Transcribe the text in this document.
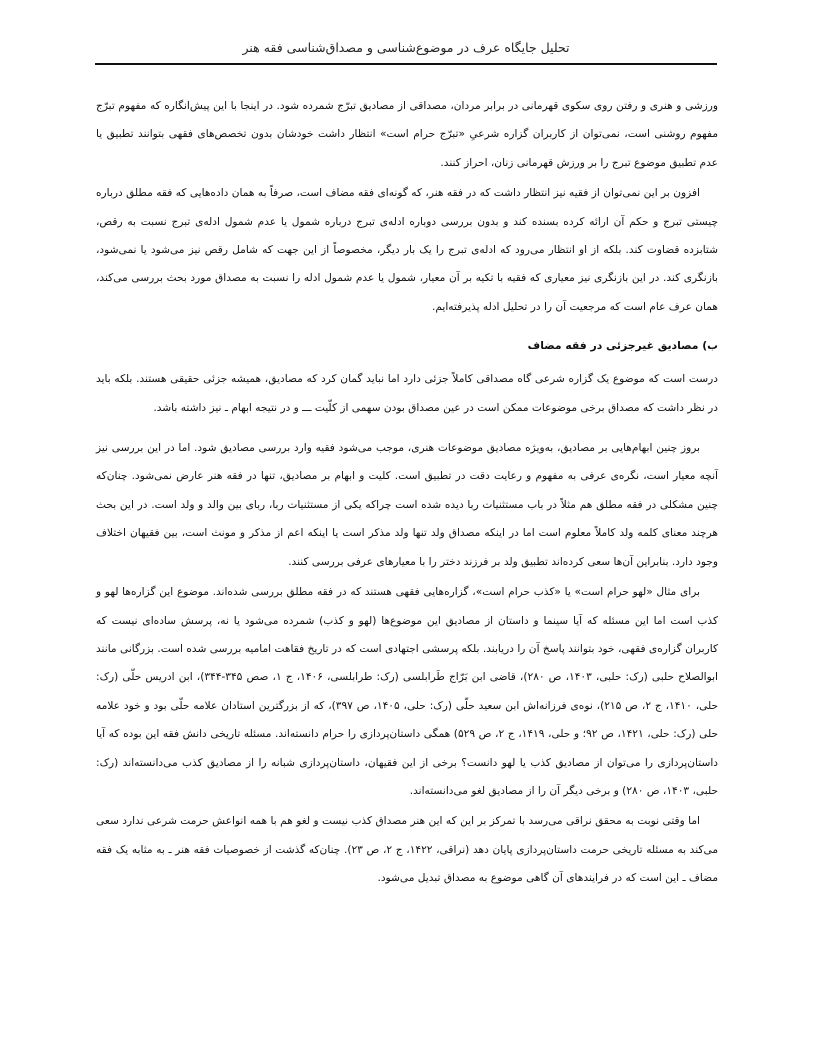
تحلیل جایگاه عرف در موضوع‌شناسی و مصداق‌شناسی فقه هنر

ورزشی و هنری و رفتن روی سکوی قهرمانی در برابر مردان، مصداقی از مصادیق تبرّج شمرده شود. در اینجا با این پیش‌انگاره که مفهوم تبرّج مفهوم روشنی است، نمی‌توان از کاربران گزاره شرعیِ «تبرّج حرام است» انتظار داشت خودشان بدون تخصص‌های فقهی بتوانند تطبیق یا عدم تطبیق موضوع تبرج را بر ورزش قهرمانی زنان، احراز کنند.

افزون بر این نمی‌توان از فقیه نیز انتظار داشت که در فقه هنر، که گونه‌ای فقه مضاف است، صرفاً به همان داده‌هایی که فقه مطلق درباره چیستی تبرج و حکم آن ارائه کرده بسنده کند و بدون بررسی دوباره ادله‌ی تبرج درباره شمول یا عدم شمول ادله‌ی تبرج نسبت به رقص، شتابزده قضاوت کند. بلکه از او انتظار می‌رود که ادله‌ی تبرج را یک بار دیگر، مخصوصاً از این جهت که شامل رقص نیز می‌شود یا نمی‌شود، بازنگری کند. در این بازنگری نیز معیاری که فقیه با تکیه بر آن معیار، شمول یا عدم شمول ادله را نسبت به مصداق مورد بحث بررسی می‌کند، همان عرف عام است که مرجعیت آن را در تحلیل ادله پذیرفته‌ایم.

ب) مصادیق غیرجزئی در فقه مضاف

درست است که موضوع یک گزاره شرعی گاه مصداقی کاملاً جزئی دارد اما نباید گمان کرد که مصادیق، همیشه جزئی حقیقی هستند. بلکه باید در نظر داشت که مصداق برخی موضوعات ممکن است در عین مصداق بودن سهمی از کلّیت ـــ و در نتیجه ابهام ـ نیز داشته باشد.

بروز چنین ابهام‌هایی بر مصادیق، به‌ویژه مصادیق موضوعات هنری، موجب می‌شود فقیه وارد بررسی مصادیق شود. اما در این بررسی نیز آنچه معیار است، نگره‌ی عرفی به مفهوم و رعایت دقت در تطبیق است. کلیت و ابهام بر مصادیق، تنها در فقه هنر عارض نمی‌شود. چنان‌که چنین مشکلی در فقه مطلق هم مثلاً در باب مستثنیات ربا دیده شده است چراکه یکی از مستثنیات ربا، ربای بین والد و ولد است. در این بحث هرچند معنای کلمه ولد کاملاً معلوم است اما در اینکه مصداق ولد تنها ولد مذکر است یا اینکه اعم از مذکر و مونث است، بین فقیهان اختلاف وجود دارد. بنابراین آن‌ها سعی کرده‌اند تطبیق ولد بر فرزند دختر را با معیارهای عرفی بررسی کنند.

برای مثال «لهو حرام است» یا «کذب حرام است»، گزاره‌هایی فقهی هستند که در فقه مطلق بررسی شده‌اند. موضوع این گزاره‌ها لهو و کذب است اما این مسئله که آیا سینما و داستان از مصادیق این موضوع‌ها (لهو و کذب) شمرده می‌شود یا نه، پرسش ساده‌ای نیست که کاربران گزاره‌ی فقهی، خود بتوانند پاسخ آن را دریابند. بلکه پرسشی اجتهادی است که در تاریخ فقاهت امامیه بررسی شده است. بزرگانی مانند ابوالصلاح حلبی (رک: حلبی، ۱۴۰۳، ص ۲۸۰)، قاضی ابن بَرّاج طَرابلسی (رک: طرابلسی، ۱۴۰۶، ج ۱، صص ۳۴۵-۳۴۴)، ابن ادریس حلّی (رک: حلی، ۱۴۱۰، ج ۲، ص ۲۱۵)، نوه‌ی فرزانه‌اش ابن سعید حلّی (رک: حلی، ۱۴۰۵، ص ۳۹۷)، که از بزرگترین استادان علامه حلّی بود و خود علامه حلی (رک: حلی، ۱۴۲۱، ص ۹۲؛ و حلی، ۱۴۱۹، ج ۲، ص ۵۲۹) همگی داستان‌پردازی را حرام دانسته‌اند. مسئله تاریخی دانش فقه این بوده که آیا داستان‌پردازی را می‌توان از مصادیق کذب یا لهو دانست؟ برخی از این فقیهان، داستان‌پردازی شبانه را از مصادیق کذب می‌دانسته‌اند (رک: حلبی، ۱۴۰۳، ص ۲۸۰) و برخی دیگر آن را از مصادیق لغو می‌دانسته‌اند.

اما وقتی نوبت به محقق نراقی می‌رسد با تمرکز بر این که این هنر مصداق کذب نیست و لغو هم با همه انواعش حرمت شرعی ندارد سعی می‌کند به مسئله تاریخی حرمت داستان‌پردازی پایان دهد (نراقی، ۱۴۲۲، ج ۲، ص ۲۳). چنان‌که گذشت از خصوصیات فقه هنر ـ به مثابه یک فقه مضاف ـ این است که در فرایندهای آن گاهی موضوع به مصداق تبدیل می‌شود.
